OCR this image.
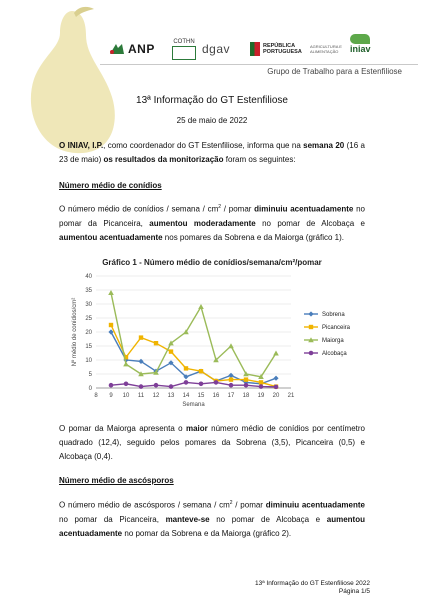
ANP
COTHN
dgav	REPÚBLICA PORTUGUESA
AGRICULTURA E ALIMENTAÇÃO	iniav
Grupo de Trabalho para a Estenfiliose
13ª Informação do GT Estenfiliose
25 de maio de 2022
O INIAV, I.P., como coordenador do GT Estenfiliose, informa que na semana 20 (16 a 23 de maio) os resultados da monitorização foram os seguintes:
Número médio de conídios
O número médio de conídios / semana / $cm^2$ / pomar diminuiu acentuadamente no pomar da Picanceira, aumentou moderadamente no pomar de Alcobaça e aumentou acentuadamente nos pomares da Sobrena e da Maiorga (gráfico 1).
Gráfico 1 - Número médio de conídios/semana/cm²/pomar
0
5
10
15
20
25
30
35
40
8 9 10 11 12 13 14 15 16 17 18 19 20 21
Semana
Nº médio de conídios/cm²	Sobrena
Picanceira
Maiorga
Alcobaça
O pomar da Maiorga apresenta o maior número médio de conídios por centímetro quadrado (12,4), seguido pelos pomares da Sobrena (3,5), Picanceira (0,5) e Alcobaça (0,4).
Número médio de ascósporos
O número médio de ascósporos / semana / $cm^2$ / pomar diminuiu acentuadamente no pomar da Picanceira, manteve-se no pomar de Alcobaça e aumentou acentuadamente no pomar da Sobrena e da Maiorga (gráfico 2).
13ª Informação do GT Estenfiliose 2022
Página 1/5
